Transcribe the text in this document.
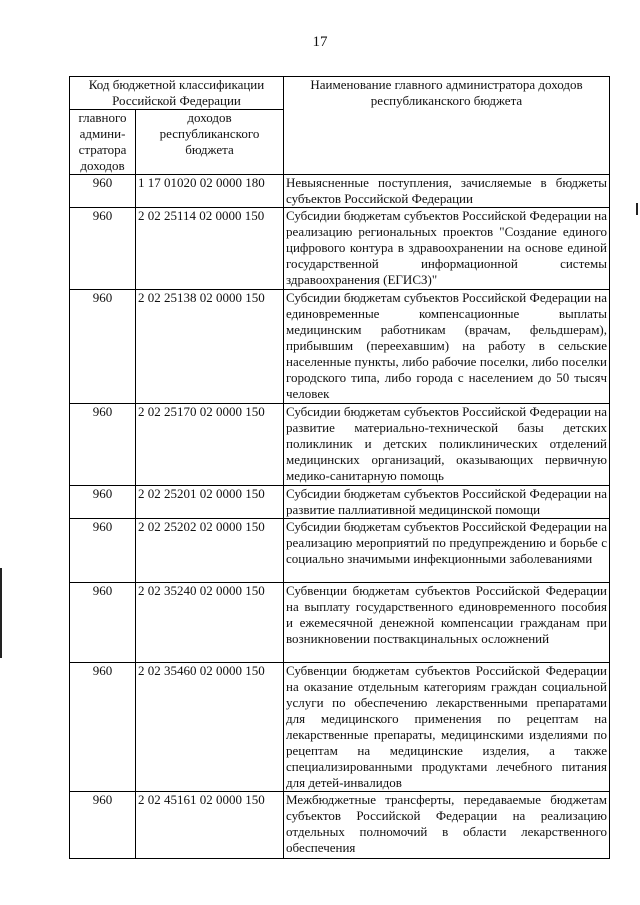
17
Код бюджетной классификации Российской Федерации		Наименование главного администратора доходов республиканского бюджета
главного админи-стратора доходов	доходов республиканского бюджета	
960	1 17 01020 02 0000 180	Невыясненные поступления, зачисляемые в бюджеты субъектов Российской Федерации
960	2 02 25114 02 0000 150	Субсидии бюджетам субъектов Российской Федерации на реализацию региональных проектов "Создание единого цифрового контура в здравоохранении на основе единой государственной информационной системы здравоохранения (ЕГИСЗ)"
960	2 02 25138 02 0000 150	Субсидии бюджетам субъектов Российской Федерации на единовременные компенсационные выплаты медицинским работникам (врачам, фельдшерам), прибывшим (переехавшим) на работу в сельские населенные пункты, либо рабочие поселки, либо поселки городского типа, либо города с населением до 50 тысяч человек
960	2 02 25170 02 0000 150	Субсидии бюджетам субъектов Российской Федерации на развитие материально-технической базы детских поликлиник и детских поликлинических отделений медицинских организаций, оказывающих первичную медико-санитарную помощь
960	2 02 25201 02 0000 150	Субсидии бюджетам субъектов Российской Федерации на развитие паллиативной медицинской помощи
960	2 02 25202 02 0000 150	Субсидии бюджетам субъектов Российской Федерации на реализацию мероприятий по предупреждению и борьбе с социально значимыми инфекционными заболеваниями
960	2 02 35240 02 0000 150	Субвенции бюджетам субъектов Российской Федерации на выплату государственного единовременного пособия и ежемесячной денежной компенсации гражданам при возникновении поствакцинальных осложнений
960	2 02 35460 02 0000 150	Субвенции бюджетам субъектов Российской Федерации на оказание отдельным категориям граждан социальной услуги по обеспечению лекарственными препаратами для медицинского применения по рецептам на лекарственные препараты, медицинскими изделиями по рецептам на медицинские изделия, а также специализированными продуктами лечебного питания для детей-инвалидов
960	2 02 45161 02 0000 150	Межбюджетные трансферты, передаваемые бюджетам субъектов Российской Федерации на реализацию отдельных полномочий в области лекарственного обеспечения
